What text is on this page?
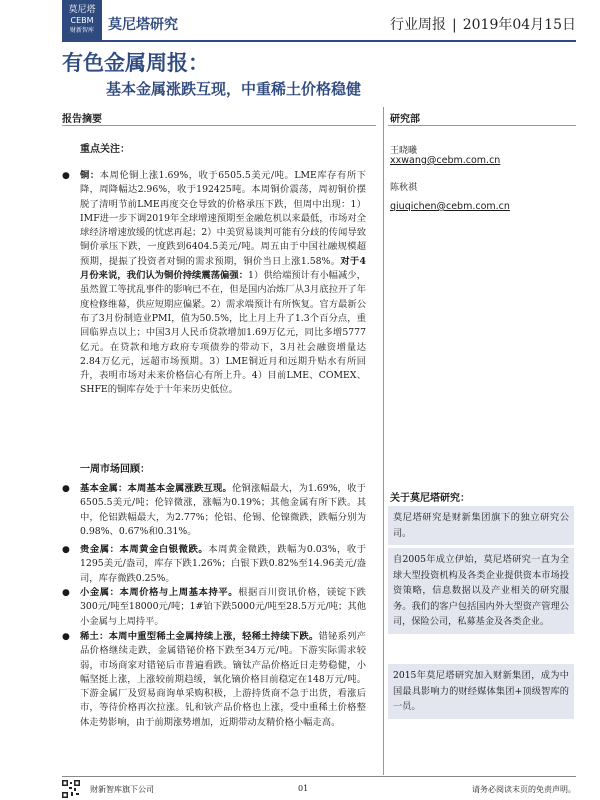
莫尼塔
CEBM
财新智库	莫尼塔研究	行业周报 | 2019年04月15日
有色金属周报：
基本金属涨跌互现，中重稀土价格稳健
报告摘要	研究部
重点关注：	王晓曦
xxwang@cebm.com.cn
陈秋祺
qiuqichen@cebm.com.cn
● 铜：本周伦铜上涨1.69%，收于6505.5美元/吨。LME库存有所下降，周降幅达2.96%，收于192425吨。本周铜价震荡，周初铜价摆脱了清明节前LME再度交仓导致的价格承压下跌，但周中出现：1）IMF进一步下调2019年全球增速预期至金融危机以来最低，市场对全球经济增速放缓的忧虑再起；2）中美贸易谈判可能有分歧的传闻导致铜价承压下跌，一度跌到6404.5美元/吨。周五由于中国社融规模超预期，提振了投资者对铜的需求预期，铜价当日上涨1.58%。对于4月份来说，我们认为铜价持续震荡偏强：1）供给端预计有小幅减少，虽然置工等扰乱事件的影响已不在，但是国内冶炼厂从3月底拉开了年度检修维幕，供应短期应偏紧。2）需求端预计有所恢复。官方最新公布了3月份制造业PMI，值为50.5%，比上月上升了1.3个百分点，重回临界点以上；中国3月人民币贷款增加1.69万亿元，同比多增5777亿元。在贷款和地方政府专项债券的带动下，3月社会融资增量达2.84万亿元，远超市场预期。3）LME铜近月和远期升贴水有所回升，表明市场对未来价格信心有所上升。4）目前LME、COMEX、SHFE的铜库存处于十年来历史低位。
一周市场回顾：
● 基本金属：本周基本金属涨跌互现。伦铜涨幅最大，为1.69%，收于6505.5美元/吨；伦锌微涨，涨幅为0.19%；其他金属有所下跌。其中，伦铝跌幅最大，为2.77%；伦铝、伦锡、伦镍微跌，跌幅分别为0.98%、0.67%和0.31%。
● 贵金属：本周黄金白银微跌。本周黄金微跌，跌幅为0.03%，收于1295美元/盎司，库存下跌1.26%；白银下跌0.82%至14.96美元/盎司，库存微跌0.25%。
● 小金属：本周价格与上周基本持平。根据百川资讯价格，镁锭下跌300元/吨至18000元/吨；1#铂下跌5000元/吨至28.5万元/吨；其他小金属与上周持平。
● 稀土：本周中重型稀土金属持续上涨，轻稀土持续下跌。错铋系列产品价格继续走跌，金属错铋价格下跌至34万元/吨。下游实际需求较弱，市场商家对错铋后市普遍看跌。镝钛产品价格近日走势稳健，小幅坚挺上涨，上涨较前期趋缓，氧化镝价格目前稳定在148万元/吨。下游金属厂及贸易商询单采购积极，上游持货商不急于出货，看涨后市，等待价格再次拉涨。钆和钬产品价格也上涨，受中重稀土价格整体走势影响，由于前期涨势增加，近期带动友精价格小幅走高。
关于莫尼塔研究：
莫尼塔研究是财新集团旗下的独立研究公司。
自2005年成立伊始，莫尼塔研究一直为全球大型投资机构及各类企业提供资本市场投资策略，信息数据以及产业相关的研究服务。我们的客户包括国内外大型资产管理公司，保险公司，私募基金及各类企业。
2015年莫尼塔研究加入财新集团，成为中国最具影响力的财经媒体集团+顶级智库的一员。
财新智库旗下公司	01	请务必阅读末页的免责声明。
